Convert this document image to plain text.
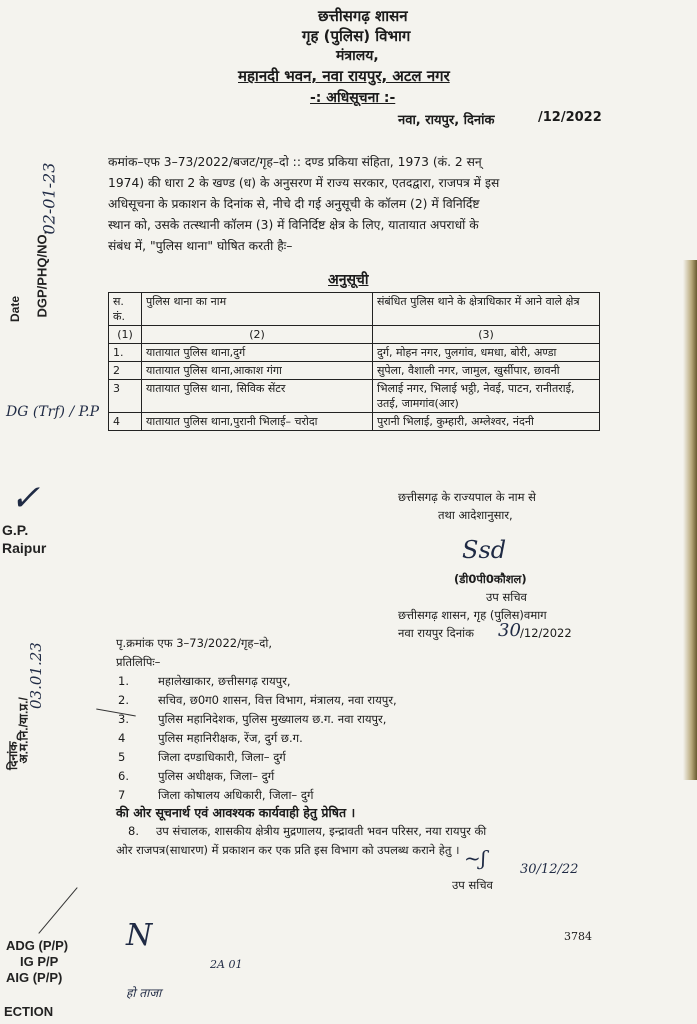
छत्तीसगढ़ शासन
गृह (पुलिस) विभाग
मंत्रालय,
महानदी भवन, नवा रायपुर, अटल नगर
-: अधिसूचना :-
नवा, रायपुर, दिनांक	/12/2022
कमांक–एफ 3–73/2022/बजट/गृह–दो :: दण्ड प्रकिया संहिता, 1973 (कं. 2 सन्
1974) की धारा 2 के खण्ड (ध) के अनुसरण में राज्य सरकार, एतदद्वारा, राजपत्र में इस
अधिसूचना के प्रकाशन के दिनांक से, नीचे दी गई अनुसूची के कॉलम (2) में विनिर्दिष्ट
स्थान को, उसके तत्स्थानी कॉलम (3) में विनिर्दिष्ट क्षेत्र के लिए, यातायात अपराधों के
संबंध में, "पुलिस थाना" घोषित करती हैः–
अनुसूची
स. कं.	पुलिस थाना का नाम	संबंधित पुलिस थाने के क्षेत्राधिकार में आने वाले क्षेत्र
(1)	(2)	(3)
1.	यातायात पुलिस थाना,दुर्ग	दुर्ग, मोहन नगर, पुलगांव, धमधा, बोरी, अण्डा
2	यातायात पुलिस थाना,आकाश गंगा	सुपेला, वैशाली नगर, जामुल, खुर्सीपार, छावनी
3	यातायात पुलिस थाना, सिविक सेंटर	भिलाई नगर, भिलाई भट्ठी, नेवई, पाटन, रानीतराई, उतई, जामगांव(आर)
4	यातायात पुलिस थाना,पुरानी भिलाई– चरोदा	पुरानी भिलाई, कुम्हारी, अम्लेश्वर, नंदनी
छत्तीसगढ़ के राज्यपाल के नाम से
तथा आदेशानुसार,
Ssd
(डी0पी0कौशल)
उप सचिव
छत्तीसगढ़ शासन, गृह (पुलिस)वमाग
नवा रायपुर दिनांक 30 /12/2022
पृ.क्रमांक एफ 3–73/2022/गृह–दो,
प्रतिलिपिः–
1.
2.
3.
4
5
6.
7
महालेखाकार, छत्तीसगढ़ रायपुर,
सचिव, छ0ग0 शासन, वित्त विभाग, मंत्रालय, नवा रायपुर,
पुलिस महानिदेशक, पुलिस मुख्यालय छ.ग. नवा रायपुर,
पुलिस महानिरीक्षक, रेंज, दुर्ग छ.ग.
जिला दण्डाधिकारी, जिला– दुर्ग
पुलिस अधीक्षक, जिला– दुर्ग
जिला कोषालय अधिकारी, जिला– दुर्ग
की ओर सूचनार्थ एवं आवश्यक कार्यवाही हेतु प्रेषित ।
8. उप संचालक, शासकीय क्षेत्रीय मुद्रणालय, इन्द्रावती भवन परिसर, नया रायपुर की
ओर राजपत्र(साधारण) में प्रकाशन कर एक प्रति इस विभाग को उपलब्ध कराने हेतु । ~ʃ	30/12/22
उप सचिव
3784
DGP/PHQ/NO.
Date
02-01-23
DG (Trf) / P.P
✓
G.P.
Raipur
अ.म.नि./या.प्र./
दिनांक
03.01.23
ADG (P/P)
IG P/P
AIG (P/P)
ECTION
N
हो ताजा
2A 01
